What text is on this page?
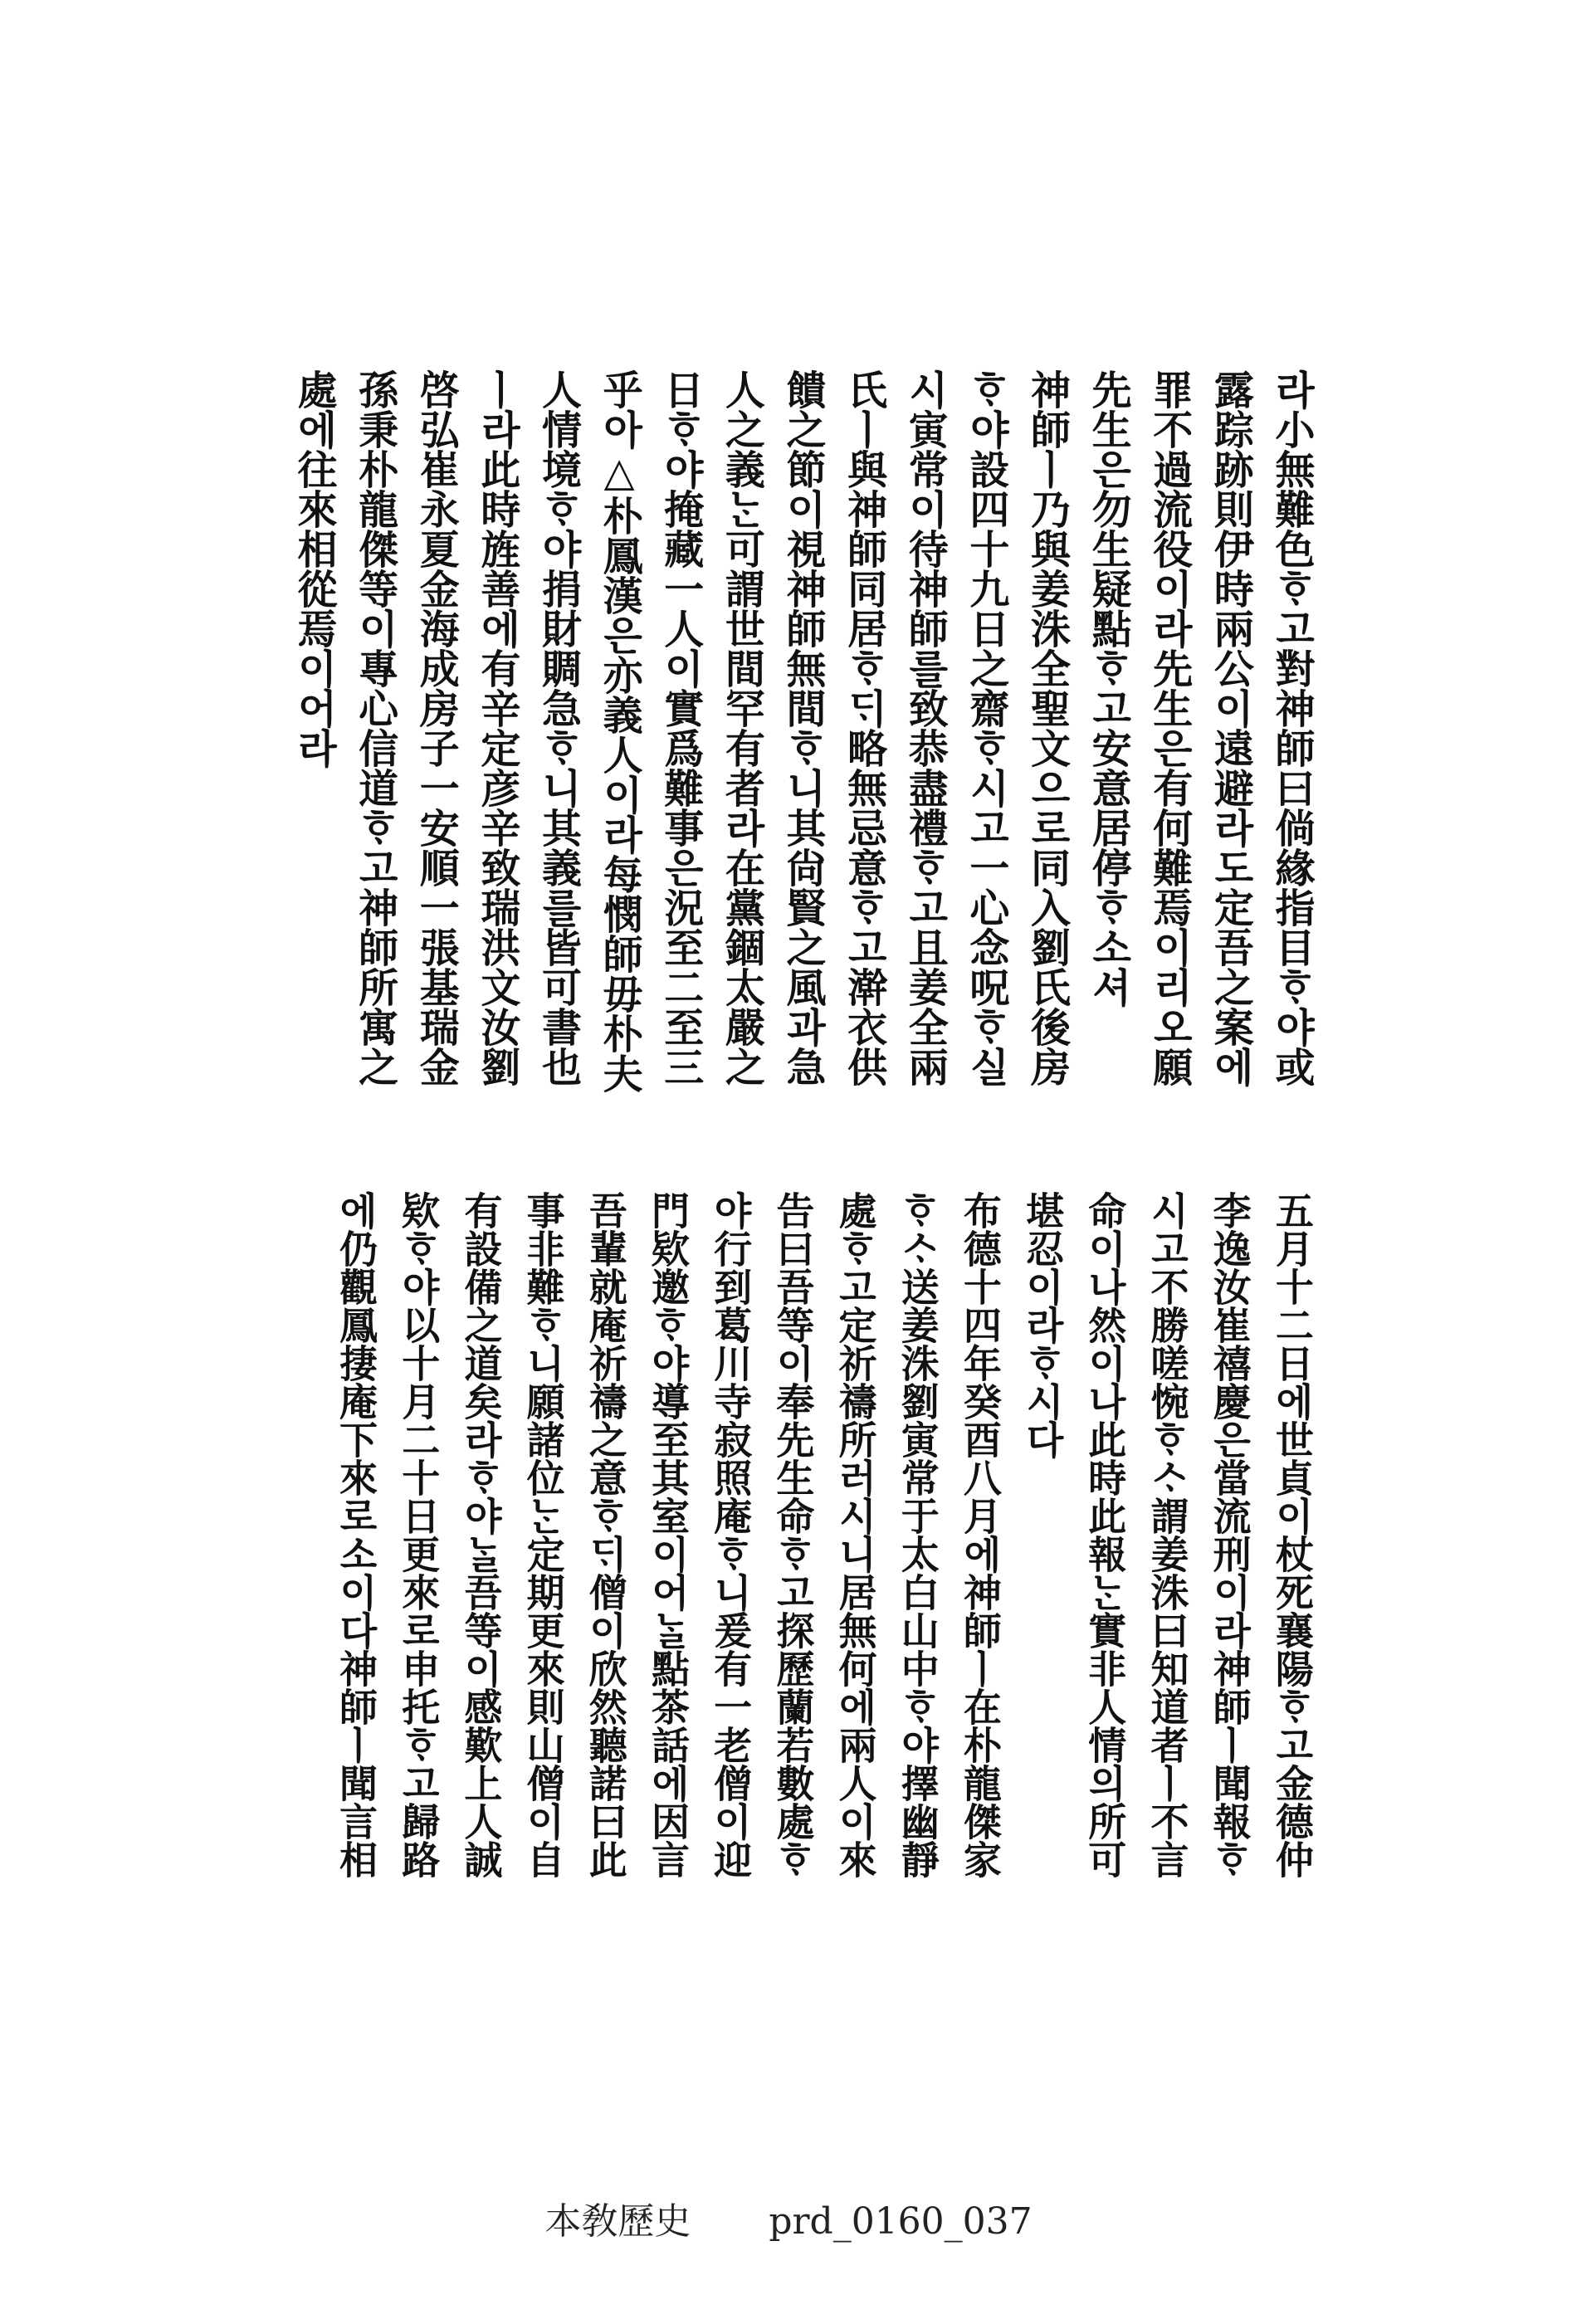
라小無難色ᄒᆞ고對神師曰倘緣指目ᄒᆞ야或
露踪跡則伊時兩公이遠避라도定吾之案에
罪不過流役이라先生은有何難焉이리오願
先生은勿生疑點ᄒᆞ고安意居停ᄒᆞ소셔
神師ㅣ乃與姜洙全聖文으로同入劉氏後房
ᄒᆞ야設四十九日之齋ᄒᆞ시고一心念呪ᄒᆞ실
시寅常이待神師를致恭盡禮ᄒᆞ고且姜全兩
氏ㅣ與神師同居ᄒᆞᄃᆡ略無忌意ᄒᆞ고澣衣供
饋之節이視神師無間ᄒᆞ니其尙賢之風과急
人之義ᄂᆞᆫ可謂世間罕有者라在黨錮太嚴之
日ᄒᆞ야掩藏一人이實爲難事은況至二至三
乎아△朴鳳漢은亦義人이라每憫師毋朴夫
人情境ᄒᆞ야捐財賙急ᄒᆞ니其義를皆可書也
ㅣ라此時旌善에有辛定彦辛致瑞洪文汝劉
啓弘崔永夏金海成房子一安順一張基瑞金
孫秉朴龍傑等이專心信道ᄒᆞ고神師所寓之
處에往來相從焉이어라
五月十二日에世貞이杖死襄陽ᄒᆞ고金德仲
李逸汝崔禧慶은當流刑이라神師ㅣ聞報ᄒᆞ
시고不勝嗟惋ᄒᆞᄉᆞ謂姜洙曰知道者ㅣ不言
命이나然이나此時此報ᄂᆞᆫ實非人情의所可
堪忍이라ᄒᆞ시다
布德十四年癸酉八月에神師ㅣ在朴龍傑家
ᄒᆞᄉᆞ送姜洙劉寅常于太白山中ᄒᆞ야擇幽靜
處ᄒᆞ고定祈禱所러시니居無何에兩人이來
告曰吾等이奉先生命ᄒᆞ고探歷蘭若數處ᄒᆞ
야行到葛川寺寂照庵ᄒᆞ니爰有一老僧이迎
門欵邀ᄒᆞ야導至其室이어ᄂᆞᆯ點茶話에因言
吾輩就庵祈禱之意ᄒᆞᄃᆡ僧이欣然聽諾曰此
事非難ᄒᆞ니願諸位ᄂᆞᆫ定期更來則山僧이自
有設備之道矣라ᄒᆞ야ᄂᆞᆯ吾等이感歎上人誠
欵ᄒᆞ야以十月二十日更來로申托ᄒᆞ고歸路
에仍觀鳳捿庵下來로소이다神師ㅣ聞言相
本敎歷史 prd_0160_037
